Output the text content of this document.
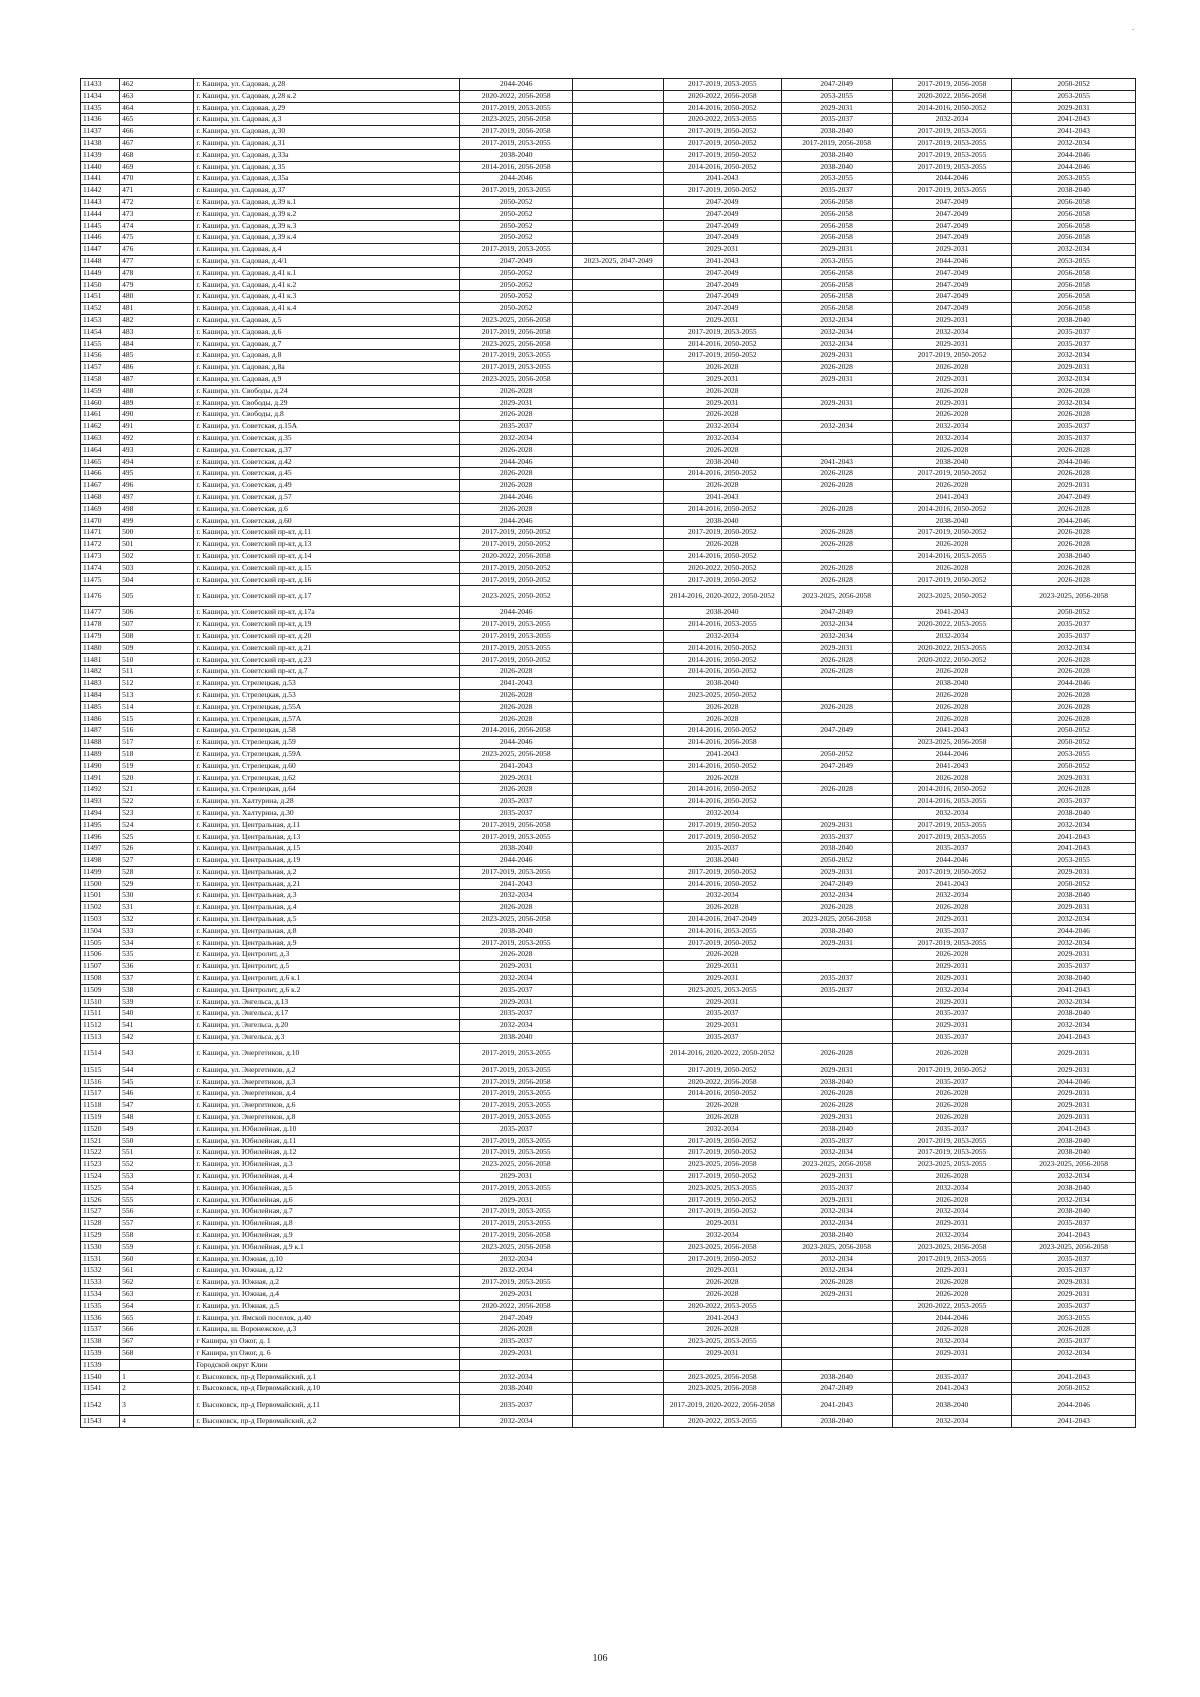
.
11433	462	г. Кашира, ул. Садовая, д.28	2044-2046		2017-2019, 2053-2055	2047-2049	2017-2019, 2056-2058	2050-2052
11434	463	г. Кашира, ул. Садовая, д.28 к.2	2020-2022, 2056-2058		2020-2022, 2056-2058	2053-2055	2020-2022, 2056-2058	2053-2055
11435	464	г. Кашира, ул. Садовая, д.29	2017-2019, 2053-2055		2014-2016, 2050-2052	2029-2031	2014-2016, 2050-2052	2029-2031
11436	465	г. Кашира, ул. Садовая, д.3	2023-2025, 2056-2058		2020-2022, 2053-2055	2035-2037	2032-2034	2041-2043
11437	466	г. Кашира, ул. Садовая, д.30	2017-2019, 2056-2058		2017-2019, 2050-2052	2038-2040	2017-2019, 2053-2055	2041-2043
11438	467	г. Кашира, ул. Садовая, д.31	2017-2019, 2053-2055		2017-2019, 2050-2052	2017-2019, 2056-2058	2017-2019, 2053-2055	2032-2034
11439	468	г. Кашира, ул. Садовая, д.33а	2038-2040		2017-2019, 2050-2052	2038-2040	2017-2019, 2053-2055	2044-2046
11440	469	г. Кашира, ул. Садовая, д.35	2014-2016, 2056-2058		2014-2016, 2050-2052	2038-2040	2017-2019, 2053-2055	2044-2046
11441	470	г. Кашира, ул. Садовая, д.35а	2044-2046		2041-2043	2053-2055	2044-2046	2053-2055
11442	471	г. Кашира, ул. Садовая, д.37	2017-2019, 2053-2055		2017-2019, 2050-2052	2035-2037	2017-2019, 2053-2055	2038-2040
11443	472	г. Кашира, ул. Садовая, д.39 к.1	2050-2052		2047-2049	2056-2058	2047-2049	2056-2058
11444	473	г. Кашира, ул. Садовая, д.39 к.2	2050-2052		2047-2049	2056-2058	2047-2049	2056-2058
11445	474	г. Кашира, ул. Садовая, д.39 к.3	2050-2052		2047-2049	2056-2058	2047-2049	2056-2058
11446	475	г. Кашира, ул. Садовая, д.39 к.4	2050-2052		2047-2049	2056-2058	2047-2049	2056-2058
11447	476	г. Кашира, ул. Садовая, д.4	2017-2019, 2053-2055		2029-2031	2029-2031	2029-2031	2032-2034
11448	477	г. Кашира, ул. Садовая, д.4/1	2047-2049	2023-2025, 2047-2049	2041-2043	2053-2055	2044-2046	2053-2055
11449	478	г. Кашира, ул. Садовая, д.41 к.1	2050-2052		2047-2049	2056-2058	2047-2049	2056-2058
11450	479	г. Кашира, ул. Садовая, д.41 к.2	2050-2052		2047-2049	2056-2058	2047-2049	2056-2058
11451	480	г. Кашира, ул. Садовая, д.41 к.3	2050-2052		2047-2049	2056-2058	2047-2049	2056-2058
11452	481	г. Кашира, ул. Садовая, д.41 к.4	2050-2052		2047-2049	2056-2058	2047-2049	2056-2058
11453	482	г. Кашира, ул. Садовая, д.5	2023-2025, 2056-2058		2029-2031	2032-2034	2029-2031	2038-2040
11454	483	г. Кашира, ул. Садовая, д.6	2017-2019, 2056-2058		2017-2019, 2053-2055	2032-2034	2032-2034	2035-2037
11455	484	г. Кашира, ул. Садовая, д.7	2023-2025, 2056-2058		2014-2016, 2050-2052	2032-2034	2029-2031	2035-2037
11456	485	г. Кашира, ул. Садовая, д.8	2017-2019, 2053-2055		2017-2019, 2050-2052	2029-2031	2017-2019, 2050-2052	2032-2034
11457	486	г. Кашира, ул. Садовая, д.8а	2017-2019, 2053-2055		2026-2028	2026-2028	2026-2028	2029-2031
11458	487	г. Кашира, ул. Садовая, д.9	2023-2025, 2056-2058		2029-2031	2029-2031	2029-2031	2032-2034
11459	488	г. Кашира, ул. Свободы, д.24	2026-2028		2026-2028		2026-2028	2026-2028
11460	489	г. Кашира, ул. Свободы, д.29	2029-2031		2029-2031	2029-2031	2029-2031	2032-2034
11461	490	г. Кашира, ул. Свободы, д.8	2026-2028		2026-2028		2026-2028	2026-2028
11462	491	г. Кашира, ул. Советская, д.15А	2035-2037		2032-2034	2032-2034	2032-2034	2035-2037
11463	492	г. Кашира, ул. Советская, д.35	2032-2034		2032-2034		2032-2034	2035-2037
11464	493	г. Кашира, ул. Советская, д.37	2026-2028		2026-2028		2026-2028	2026-2028
11465	494	г. Кашира, ул. Советская, д.42	2044-2046		2038-2040	2041-2043	2038-2040	2044-2046
11466	495	г. Кашира, ул. Советская, д.45	2026-2028		2014-2016, 2050-2052	2026-2028	2017-2019, 2050-2052	2026-2028
11467	496	г. Кашира, ул. Советская, д.49	2026-2028		2026-2028	2026-2028	2026-2028	2029-2031
11468	497	г. Кашира, ул. Советская, д.57	2044-2046		2041-2043		2041-2043	2047-2049
11469	498	г. Кашира, ул. Советская, д.6	2026-2028		2014-2016, 2050-2052	2026-2028	2014-2016, 2050-2052	2026-2028
11470	499	г. Кашира, ул. Советская, д.60	2044-2046		2038-2040		2038-2040	2044-2046
11471	500	г. Кашира, ул. Советский пр-кт, д.11	2017-2019, 2050-2052		2017-2019, 2050-2052	2026-2028	2017-2019, 2050-2052	2026-2028
11472	501	г. Кашира, ул. Советский пр-кт, д.13	2017-2019, 2050-2052		2026-2028	2026-2028	2026-2028	2026-2028
11473	502	г. Кашира, ул. Советский пр-кт, д.14	2020-2022, 2056-2058		2014-2016, 2050-2052		2014-2016, 2053-2055	2038-2040
11474	503	г. Кашира, ул. Советский пр-кт, д.15	2017-2019, 2050-2052		2020-2022, 2050-2052	2026-2028	2026-2028	2026-2028
11475	504	г. Кашира, ул. Советский пр-кт, д.16	2017-2019, 2050-2052		2017-2019, 2050-2052	2026-2028	2017-2019, 2050-2052	2026-2028
11476	505	г. Кашира, ул. Советский пр-кт, д.17	2023-2025, 2050-2052		2014-2016, 2020-2022, 2050-2052	2023-2025, 2056-2058	2023-2025, 2050-2052	2023-2025, 2056-2058
11477	506	г. Кашира, ул. Советский пр-кт, д.17а	2044-2046		2038-2040	2047-2049	2041-2043	2050-2052
11478	507	г. Кашира, ул. Советский пр-кт, д.19	2017-2019, 2053-2055		2014-2016, 2053-2055	2032-2034	2020-2022, 2053-2055	2035-2037
11479	508	г. Кашира, ул. Советский пр-кт, д.20	2017-2019, 2053-2055		2032-2034	2032-2034	2032-2034	2035-2037
11480	509	г. Кашира, ул. Советский пр-кт, д.21	2017-2019, 2053-2055		2014-2016, 2050-2052	2029-2031	2020-2022, 2053-2055	2032-2034
11481	510	г. Кашира, ул. Советский пр-кт, д.23	2017-2019, 2050-2052		2014-2016, 2050-2052	2026-2028	2020-2022, 2050-2052	2026-2028
11482	511	г. Кашира, ул. Советский пр-кт, д.7	2026-2028		2014-2016, 2050-2052	2026-2028	2026-2028	2026-2028
11483	512	г. Кашира, ул. Стрелецкая, д.53	2041-2043		2038-2040		2038-2040	2044-2046
11484	513	г. Кашира, ул. Стрелецкая, д.53	2026-2028		2023-2025, 2050-2052		2026-2028	2026-2028
11485	514	г. Кашира, ул. Стрелецкая, д.55А	2026-2028		2026-2028	2026-2028	2026-2028	2026-2028
11486	515	г. Кашира, ул. Стрелецкая, д.57А	2026-2028		2026-2028		2026-2028	2026-2028
11487	516	г. Кашира, ул. Стрелецкая, д.58	2014-2016, 2056-2058		2014-2016, 2050-2052	2047-2049	2041-2043	2050-2052
11488	517	г. Кашира, ул. Стрелецкая, д.59	2044-2046		2014-2016, 2056-2058		2023-2025, 2056-2058	2050-2052
11489	518	г. Кашира, ул. Стрелецкая, д.59А	2023-2025, 2056-2058		2041-2043	2050-2052	2044-2046	2053-2055
11490	519	г. Кашира, ул. Стрелецкая, д.60	2041-2043		2014-2016, 2050-2052	2047-2049	2041-2043	2050-2052
11491	520	г. Кашира, ул. Стрелецкая, д.62	2029-2031		2026-2028		2026-2028	2029-2031
11492	521	г. Кашира, ул. Стрелецкая, д.64	2026-2028		2014-2016, 2050-2052	2026-2028	2014-2016, 2050-2052	2026-2028
11493	522	г. Кашира, ул. Халтурина, д.28	2035-2037		2014-2016, 2050-2052		2014-2016, 2053-2055	2035-2037
11494	523	г. Кашира, ул. Халтурина, д.30	2035-2037		2032-2034		2032-2034	2038-2040
11495	524	г. Кашира, ул. Центральная, д.11	2017-2019, 2056-2058		2017-2019, 2050-2052	2029-2031	2017-2019, 2053-2055	2032-2034
11496	525	г. Кашира, ул. Центральная, д.13	2017-2019, 2053-2055		2017-2019, 2050-2052	2035-2037	2017-2019, 2053-2055	2041-2043
11497	526	г. Кашира, ул. Центральная, д.15	2038-2040		2035-2037	2038-2040	2035-2037	2041-2043
11498	527	г. Кашира, ул. Центральная, д.19	2044-2046		2038-2040	2050-2052	2044-2046	2053-2055
11499	528	г. Кашира, ул. Центральная, д.2	2017-2019, 2053-2055		2017-2019, 2050-2052	2029-2031	2017-2019, 2050-2052	2029-2031
11500	529	г. Кашира, ул. Центральная, д.21	2041-2043		2014-2016, 2050-2052	2047-2049	2041-2043	2050-2052
11501	530	г. Кашира, ул. Центральная, д.3	2032-2034		2032-2034	2032-2034	2032-2034	2038-2040
11502	531	г. Кашира, ул. Центральная, д.4	2026-2028		2026-2028	2026-2028	2026-2028	2029-2031
11503	532	г. Кашира, ул. Центральная, д.5	2023-2025, 2056-2058		2014-2016, 2047-2049	2023-2025, 2056-2058	2029-2031	2032-2034
11504	533	г. Кашира, ул. Центральная, д.8	2038-2040		2014-2016, 2053-2055	2038-2040	2035-2037	2044-2046
11505	534	г. Кашира, ул. Центральная, д.9	2017-2019, 2053-2055		2017-2019, 2050-2052	2029-2031	2017-2019, 2053-2055	2032-2034
11506	535	г. Кашира, ул. Центролит, д.3	2026-2028		2026-2028		2026-2028	2029-2031
11507	536	г. Кашира, ул. Центролит, д.5	2029-2031		2029-2031		2029-2031	2035-2037
11508	537	г. Кашира, ул. Центролит, д.6 к.1	2032-2034		2029-2031	2035-2037	2029-2031	2038-2040
11509	538	г. Кашира, ул. Центролит, д.6 к.2	2035-2037		2023-2025, 2053-2055	2035-2037	2032-2034	2041-2043
11510	539	г. Кашира, ул. Энгельса, д.13	2029-2031		2029-2031		2029-2031	2032-2034
11511	540	г. Кашира, ул. Энгельса, д.17	2035-2037		2035-2037		2035-2037	2038-2040
11512	541	г. Кашира, ул. Энгельса, д.20	2032-2034		2029-2031		2029-2031	2032-2034
11513	542	г. Кашира, ул. Энгельса, д.3	2038-2040		2035-2037		2035-2037	2041-2043
11514	543	г. Кашира, ул. Энергетиков, д.10	2017-2019, 2053-2055		2014-2016, 2020-2022, 2050-2052	2026-2028	2026-2028	2029-2031
11515	544	г. Кашира, ул. Энергетиков, д.2	2017-2019, 2053-2055		2017-2019, 2050-2052	2029-2031	2017-2019, 2050-2052	2029-2031
11516	545	г. Кашира, ул. Энергетиков, д.3	2017-2019, 2056-2058		2020-2022, 2056-2058	2038-2040	2035-2037	2044-2046
11517	546	г. Кашира, ул. Энергетиков, д.4	2017-2019, 2053-2055		2014-2016, 2050-2052	2026-2028	2026-2028	2029-2031
11518	547	г. Кашира, ул. Энергетиков, д.6	2017-2019, 2053-2055		2026-2028	2026-2028	2026-2028	2029-2031
11519	548	г. Кашира, ул. Энергетиков, д.8	2017-2019, 2053-2055		2026-2028	2029-2031	2026-2028	2029-2031
11520	549	г. Кашира, ул. Юбилейная, д.10	2035-2037		2032-2034	2038-2040	2035-2037	2041-2043
11521	550	г. Кашира, ул. Юбилейная, д.11	2017-2019, 2053-2055		2017-2019, 2050-2052	2035-2037	2017-2019, 2053-2055	2038-2040
11522	551	г. Кашира, ул. Юбилейная, д.12	2017-2019, 2053-2055		2017-2019, 2050-2052	2032-2034	2017-2019, 2053-2055	2038-2040
11523	552	г. Кашира, ул. Юбилейная, д.3	2023-2025, 2056-2058		2023-2025, 2056-2058	2023-2025, 2056-2058	2023-2025, 2053-2055	2023-2025, 2056-2058
11524	553	г. Кашира, ул. Юбилейная, д.4	2029-2031		2017-2019, 2050-2052	2029-2031	2026-2028	2032-2034
11525	554	г. Кашира, ул. Юбилейная, д.5	2017-2019, 2053-2055		2023-2025, 2053-2055	2035-2037	2032-2034	2038-2040
11526	555	г. Кашира, ул. Юбилейная, д.6	2029-2031		2017-2019, 2050-2052	2029-2031	2026-2028	2032-2034
11527	556	г. Кашира, ул. Юбилейная, д.7	2017-2019, 2053-2055		2017-2019, 2050-2052	2032-2034	2032-2034	2038-2040
11528	557	г. Кашира, ул. Юбилейная, д.8	2017-2019, 2053-2055		2029-2031	2032-2034	2029-2031	2035-2037
11529	558	г. Кашира, ул. Юбилейная, д.9	2017-2019, 2056-2058		2032-2034	2038-2040	2032-2034	2041-2043
11530	559	г. Кашира, ул. Юбилейная, д.9 к.1	2023-2025, 2056-2058		2023-2025, 2056-2058	2023-2025, 2056-2058	2023-2025, 2056-2058	2023-2025, 2056-2058
11531	560	г. Кашира, ул. Южная, д.10	2032-2034		2017-2019, 2050-2052	2032-2034	2017-2019, 2053-2055	2035-2037
11532	561	г. Кашира, ул. Южная, д.12	2032-2034		2029-2031	2032-2034	2029-2031	2035-2037
11533	562	г. Кашира, ул. Южная, д.2	2017-2019, 2053-2055		2026-2028	2026-2028	2026-2028	2029-2031
11534	563	г. Кашира, ул. Южная, д.4	2029-2031		2026-2028	2029-2031	2026-2028	2029-2031
11535	564	г. Кашира, ул. Южная, д.5	2020-2022, 2056-2058		2020-2022, 2053-2055		2020-2022, 2053-2055	2035-2037
11536	565	г. Кашира, ул. Ямской поселок, д.40	2047-2049		2041-2043		2044-2046	2053-2055
11537	566	г. Кашира, ш. Воронежское, д.3	2026-2028		2026-2028		2026-2028	2026-2028
11538	567	г Кашира, ул Ожог, д. 1	2035-2037		2023-2025, 2053-2055		2032-2034	2035-2037
11539	568	г Кашира, ул Ожог, д. 6	2029-2031		2029-2031		2029-2031	2032-2034
11539		Городской округ Клин						
11540	1	г. Высоковск, пр-д Первомайский, д.1	2032-2034		2023-2025, 2056-2058	2038-2040	2035-2037	2041-2043
11541	2	г. Высоковск, пр-д Первомайский, д.10	2038-2040		2023-2025, 2056-2058	2047-2049	2041-2043	2050-2052
11542	3	г. Высоковск, пр-д Первомайский, д.11	2035-2037		2017-2019, 2020-2022, 2056-2058	2041-2043	2038-2040	2044-2046
11543	4	г. Высоковск, пр-д Первомайский, д.2	2032-2034		2020-2022, 2053-2055	2038-2040	2032-2034	2041-2043
106
